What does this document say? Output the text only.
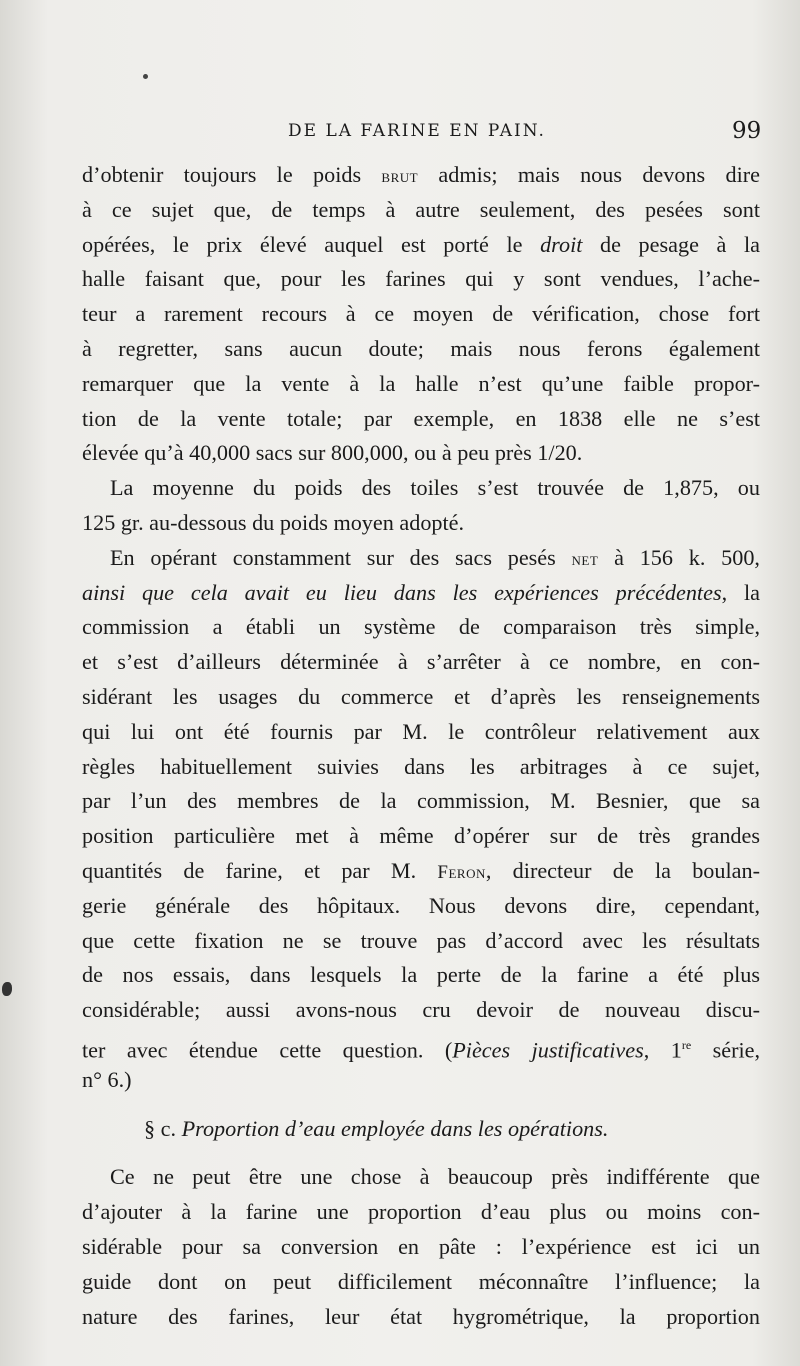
DE LA FARINE EN PAIN.	99
d’obtenir toujours le poids brut admis; mais nous devons dire
à ce sujet que, de temps à autre seulement, des pesées sont
opérées, le prix élevé auquel est porté le droit de pesage à la
halle faisant que, pour les farines qui y sont vendues, l’ache-
teur a rarement recours à ce moyen de vérification, chose fort
à regretter, sans aucun doute; mais nous ferons également
remarquer que la vente à la halle n’est qu’une faible propor-
tion de la vente totale; par exemple, en 1838 elle ne s’est
élevée qu’à 40,000 sacs sur 800,000, ou à peu près 1/20.
La moyenne du poids des toiles s’est trouvée de 1,875, ou
125 gr. au-dessous du poids moyen adopté.
En opérant constamment sur des sacs pesés net à 156 k. 500,
ainsi que cela avait eu lieu dans les expériences précédentes, la
commission a établi un système de comparaison très simple,
et s’est d’ailleurs déterminée à s’arrêter à ce nombre, en con-
sidérant les usages du commerce et d’après les renseignements
qui lui ont été fournis par M. le contrôleur relativement aux
règles habituellement suivies dans les arbitrages à ce sujet,
par l’un des membres de la commission, M. Besnier, que sa
position particulière met à même d’opérer sur de très grandes
quantités de farine, et par M. Feron, directeur de la boulan-
gerie générale des hôpitaux. Nous devons dire, cependant,
que cette fixation ne se trouve pas d’accord avec les résultats
de nos essais, dans lesquels la perte de la farine a été plus
considérable; aussi avons-nous cru devoir de nouveau discu-
ter avec étendue cette question. (Pièces justificatives, 1re série,
n° 6.)
§ c. Proportion d’eau employée dans les opérations.
Ce ne peut être une chose à beaucoup près indifférente que
d’ajouter à la farine une proportion d’eau plus ou moins con-
sidérable pour sa conversion en pâte : l’expérience est ici un
guide dont on peut difficilement méconnaître l’influence; la
nature des farines, leur état hygrométrique, la proportion
